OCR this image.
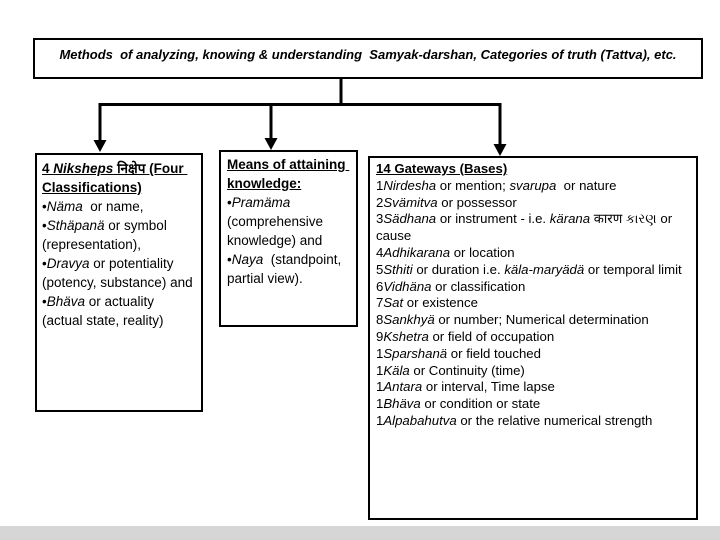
Methods  of analyzing, knowing & understanding  Samyak-darshan, Categories of truth (Tattva), etc.
4 Niksheps निक्षेप (Four Classifications)
•Näma  or name,
•Sthäpanä or symbol (representation),
•Dravya or potentiality (potency, substance) and
•Bhäva or actuality (actual state, reality)
Means of attaining knowledge:
•Pramäma (comprehensive knowledge) and
•Naya  (standpoint, partial view).
14 Gateways (Bases)
1Nirdesha or mention; svarupa  or nature
2Svämitva or possessor
3Sädhana or instrument - i.e. kärana कारण કારણ or cause
4Adhikarana or location
5Sthiti or duration i.e. käla-maryädä or temporal limit
6Vidhäna or classification
7Sat or existence
8Sankhyä or number; Numerical determination
9Kshetra or field of occupation
1Sparshanä or field touched
1Käla or Continuity (time)
1Antara or interval, Time lapse
1Bhäva or condition or state
1Alpabahutva or the relative numerical strength
